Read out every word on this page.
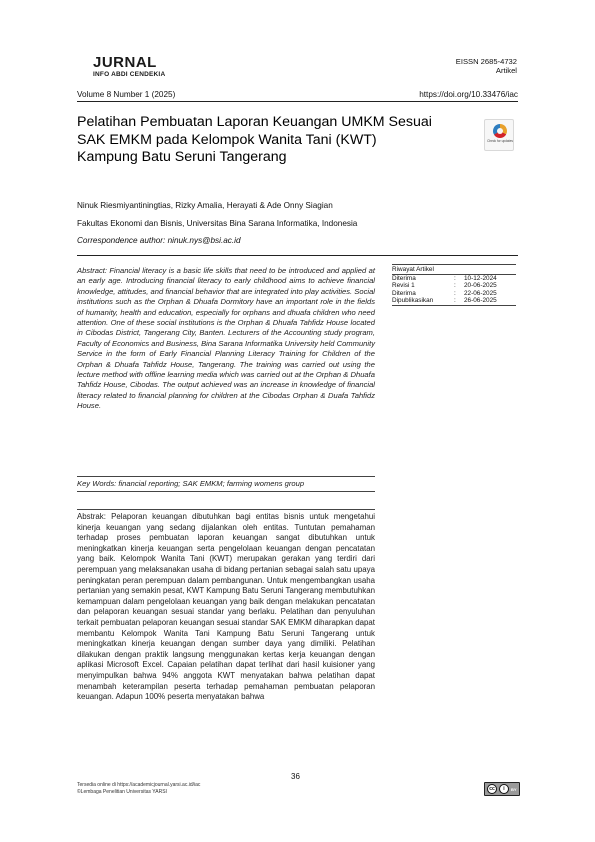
JURNAL
INFO ABDI CENDEKIA
EISSN 2685-4732
Artikel
Volume 8 Number 1 (2025)	https://doi.org/10.33476/iac
Pelatihan Pembuatan Laporan Keuangan UMKM Sesuai SAK EMKM pada Kelompok Wanita Tani (KWT) Kampung Batu Seruni Tangerang
Check for updates
Ninuk Riesmiyantiningtias, Rizky Amalia, Herayati & Ade Onny Siagian
Fakultas Ekonomi dan Bisnis, Universitas Bina Sarana Informatika, Indonesia
Correspondence author: ninuk.nys@bsi.ac.id
Abstract: Financial literacy is a basic life skills that need to be introduced and applied at an early age. Introducing financial literacy to early childhood aims to achieve financial knowledge, attitudes, and financial behavior that are integrated into play activities. Social institutions such as the Orphan & Dhuafa Dormitory have an important role in the fields of humanity, health and education, especially for orphans and dhuafa children who need attention. One of these social institutions is the Orphan & Dhuafa Tahfidz House located in Cibodas District, Tangerang City, Banten. Lecturers of the Accounting study program, Faculty of Economics and Business, Bina Sarana Informatika University held Community Service in the form of Early Financial Planning Literacy Training for Children of the Orphan & Dhuafa Tahfidz House, Tangerang. The training was carried out using the lecture method with offline learning media which was carried out at the Orphan & Dhuafa Tahfidz House, Cibodas. The output achieved was an increase in knowledge of financial literacy related to financial planning for children at the Cibodas Orphan & Duafa Tahfidz House.
Key Words: financial reporting; SAK EMKM; farming womens group
Riwayat Artikel
Diterima	:	10-12-2024
Revisi 1	:	20-06-2025
Diterima	:	22-06-2025
Dipublikasikan	:	26-06-2025
Abstrak: Pelaporan keuangan dibutuhkan bagi entitas bisnis untuk mengetahui kinerja keuangan yang sedang dijalankan oleh entitas. Tuntutan pemahaman terhadap proses pembuatan laporan keuangan sangat dibutuhkan untuk meningkatkan kinerja keuangan serta pengelolaan keuangan dengan pencatatan yang baik. Kelompok Wanita Tani (KWT) merupakan gerakan yang terdiri dari perempuan yang melaksanakan usaha di bidang pertanian sebagai salah satu upaya peningkatan peran perempuan dalam pembangunan. Untuk mengembangkan usaha pertanian yang semakin pesat, KWT Kampung Batu Seruni Tangerang membutuhkan kemampuan dalam pengelolaan keuangan yang baik dengan melakukan pencatatan dan pelaporan keuangan sesuai standar yang berlaku. Pelatihan dan penyuluhan terkait pembuatan pelaporan keuangan sesuai standar SAK EMKM diharapkan dapat membantu Kelompok Wanita Tani Kampung Batu Seruni Tangerang untuk meningkatkan kinerja keuangan dengan sumber daya yang dimiliki. Pelatihan dilakukan dengan praktik langsung menggunakan kertas kerja keuangan dengan aplikasi Microsoft Excel. Capaian pelatihan dapat terlihat dari hasil kuisioner yang menyimpulkan bahwa 94% anggota KWT menyatakan bahwa pelatihan dapat menambah keterampilan peserta terhadap pemahaman pembuatan pelaporan keuangan. Adapun 100% peserta menyatakan bahwa
36
Tersedia online di https://academicjournal.yarsi.ac.id/iac
©Lembaga Penelitian Universitas YARSI	cc	i	BY
